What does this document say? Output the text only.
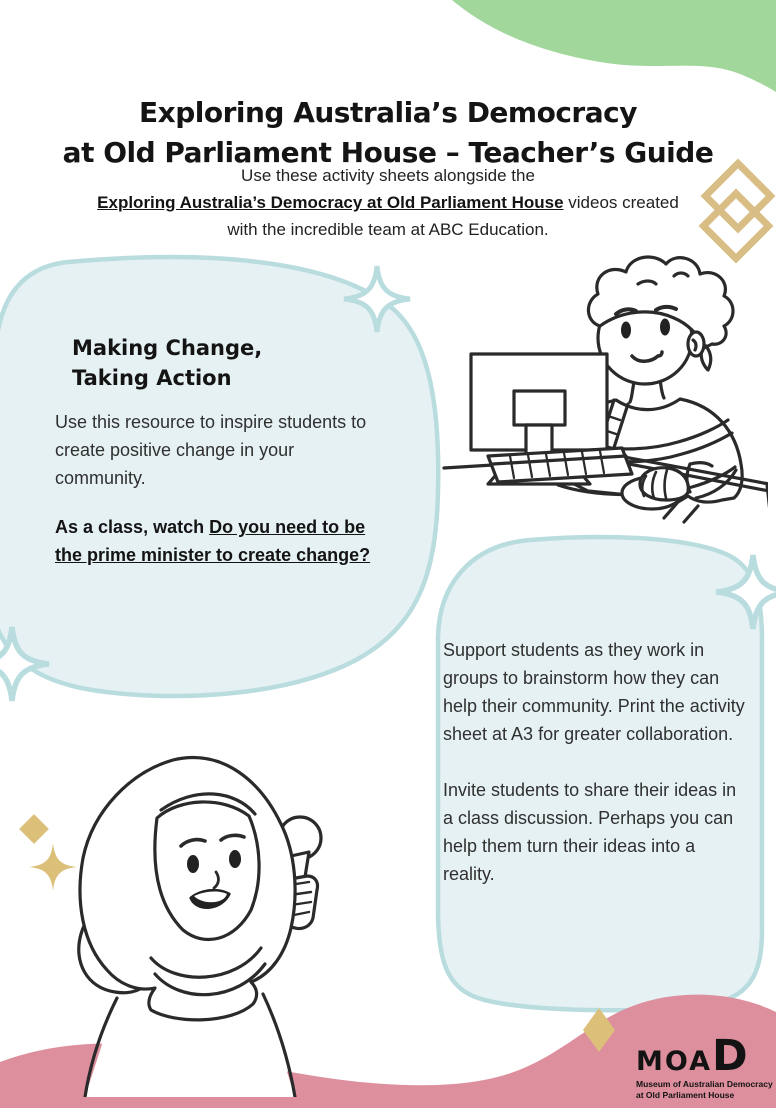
Exploring Australia’s Democracy
at Old Parliament House – Teacher’s Guide
Use these activity sheets alongside the
Exploring Australia’s Democracy at Old Parliament House videos created
with the incredible team at ABC Education.
Making Change, Taking Action
Use this resource to inspire students to create positive change in your community.
As a class, watch Do you need to be the prime minister to create change?
Support students as they work in groups to brainstorm how they can help their community. Print the activity sheet at A3 for greater collaboration.
Invite students to share their ideas in a class discussion. Perhaps you can help them turn their ideas into a reality.
MOA D
Museum of Australian Democracy
at Old Parliament House
